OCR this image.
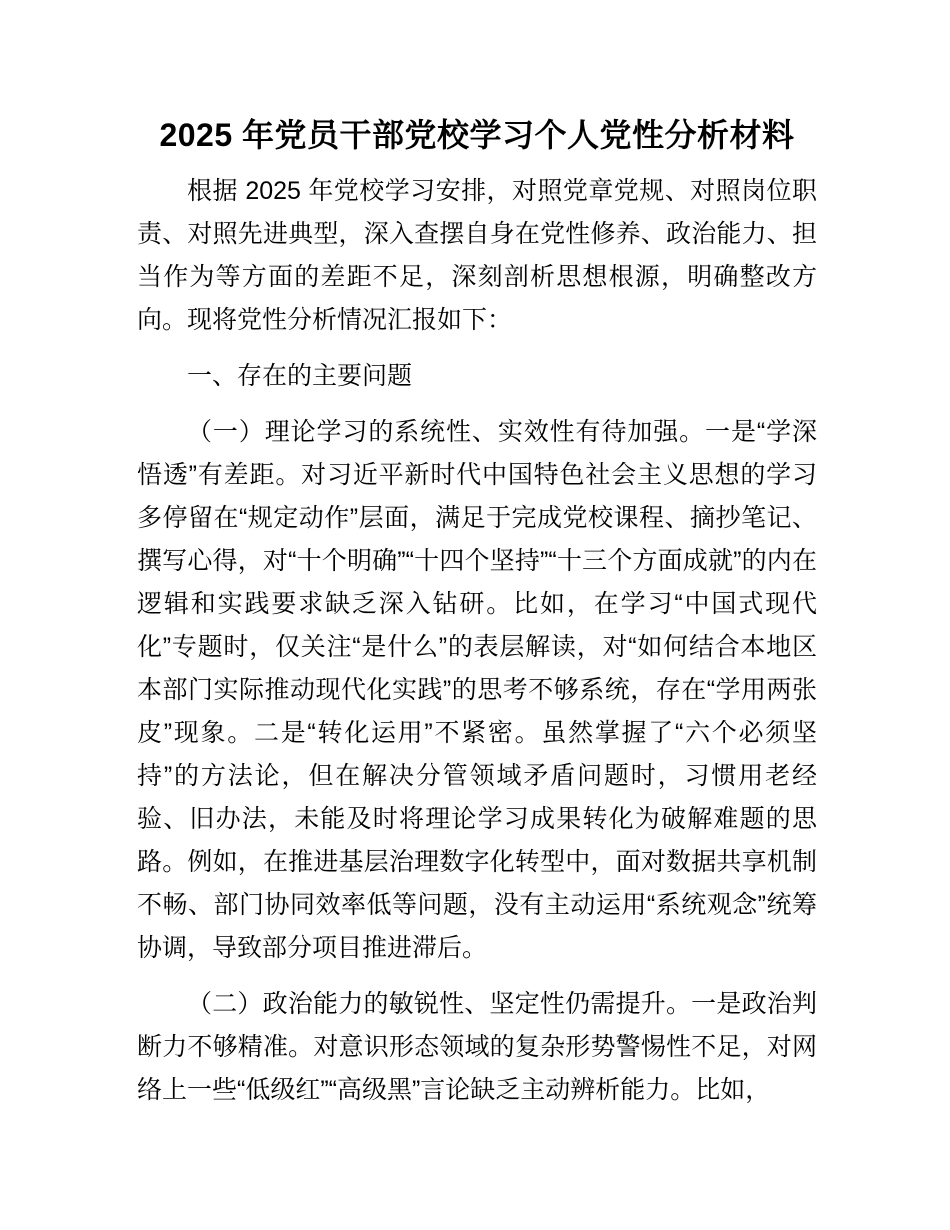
2025 年党员干部党校学习个人党性分析材料

根据 2025 年党校学习安排，对照党章党规、对照岗位职责、对照先进典型，深入查摆自身在党性修养、政治能力、担当作为等方面的差距不足，深刻剖析思想根源，明确整改方向。现将党性分析情况汇报如下：

一、存在的主要问题

（一）理论学习的系统性、实效性有待加强。一是“学深悟透”有差距。对习近平新时代中国特色社会主义思想的学习多停留在“规定动作”层面，满足于完成党校课程、摘抄笔记、撰写心得，对“十个明确”“十四个坚持”“十三个方面成就”的内在逻辑和实践要求缺乏深入钻研。比如，在学习“中国式现代化”专题时，仅关注“是什么”的表层解读，对“如何结合本地区本部门实际推动现代化实践”的思考不够系统，存在“学用两张皮”现象。二是“转化运用”不紧密。虽然掌握了“六个必须坚持”的方法论，但在解决分管领域矛盾问题时，习惯用老经验、旧办法，未能及时将理论学习成果转化为破解难题的思路。例如，在推进基层治理数字化转型中，面对数据共享机制不畅、部门协同效率低等问题，没有主动运用“系统观念”统筹协调，导致部分项目推进滞后。

（二）政治能力的敏锐性、坚定性仍需提升。一是政治判断力不够精准。对意识形态领域的复杂形势警惕性不足，对网络上一些“低级红”“高级黑”言论缺乏主动辨析能力。比如，
